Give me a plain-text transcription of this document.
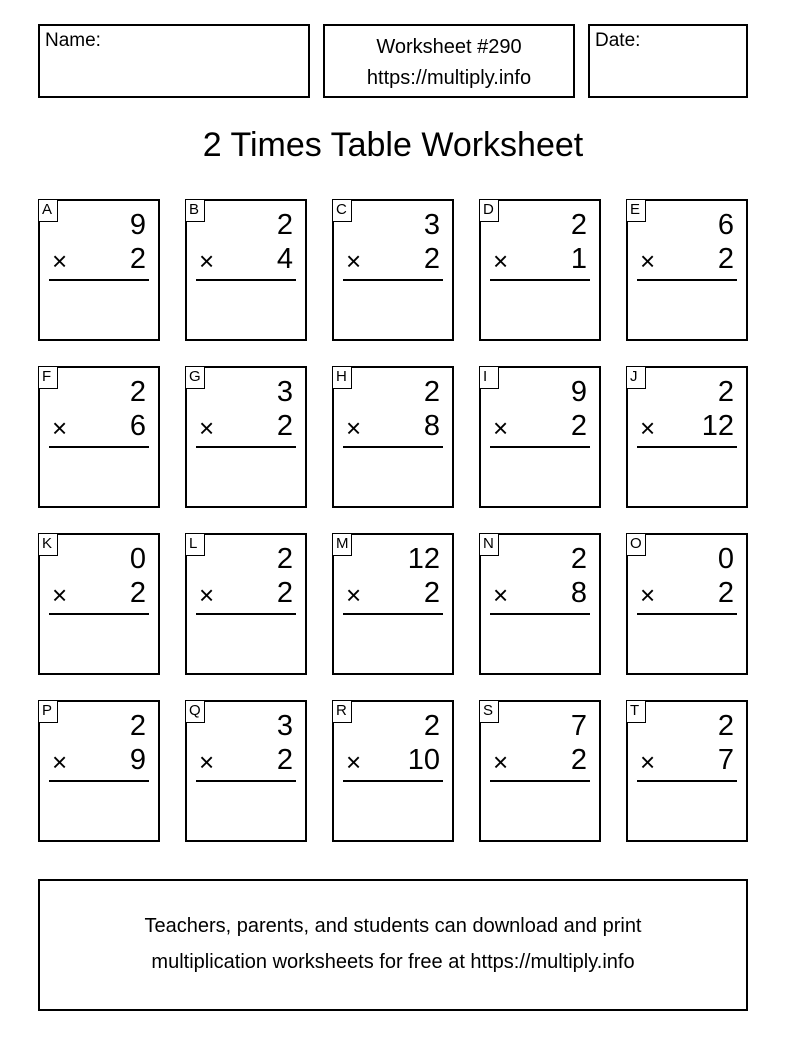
Name:	Worksheet #290
https://multiply.info
Date:
2 Times Table Worksheet
A	9
× 2
B	2
× 4
C	3
× 2
D	2
× 1
E	6
× 2
F	2
× 6
G	3
× 2
H	2
× 8
I	9
× 2
J	2
× 12
K	0
× 2
L	2
× 2
M 12
× 2
N	2
× 8
O	0
× 2
P	2
× 9
Q	3
× 2
R	2
× 10
S	7
× 2
T	2
× 7
Teachers, parents, and students can download and print
multiplication worksheets for free at https://multiply.info
